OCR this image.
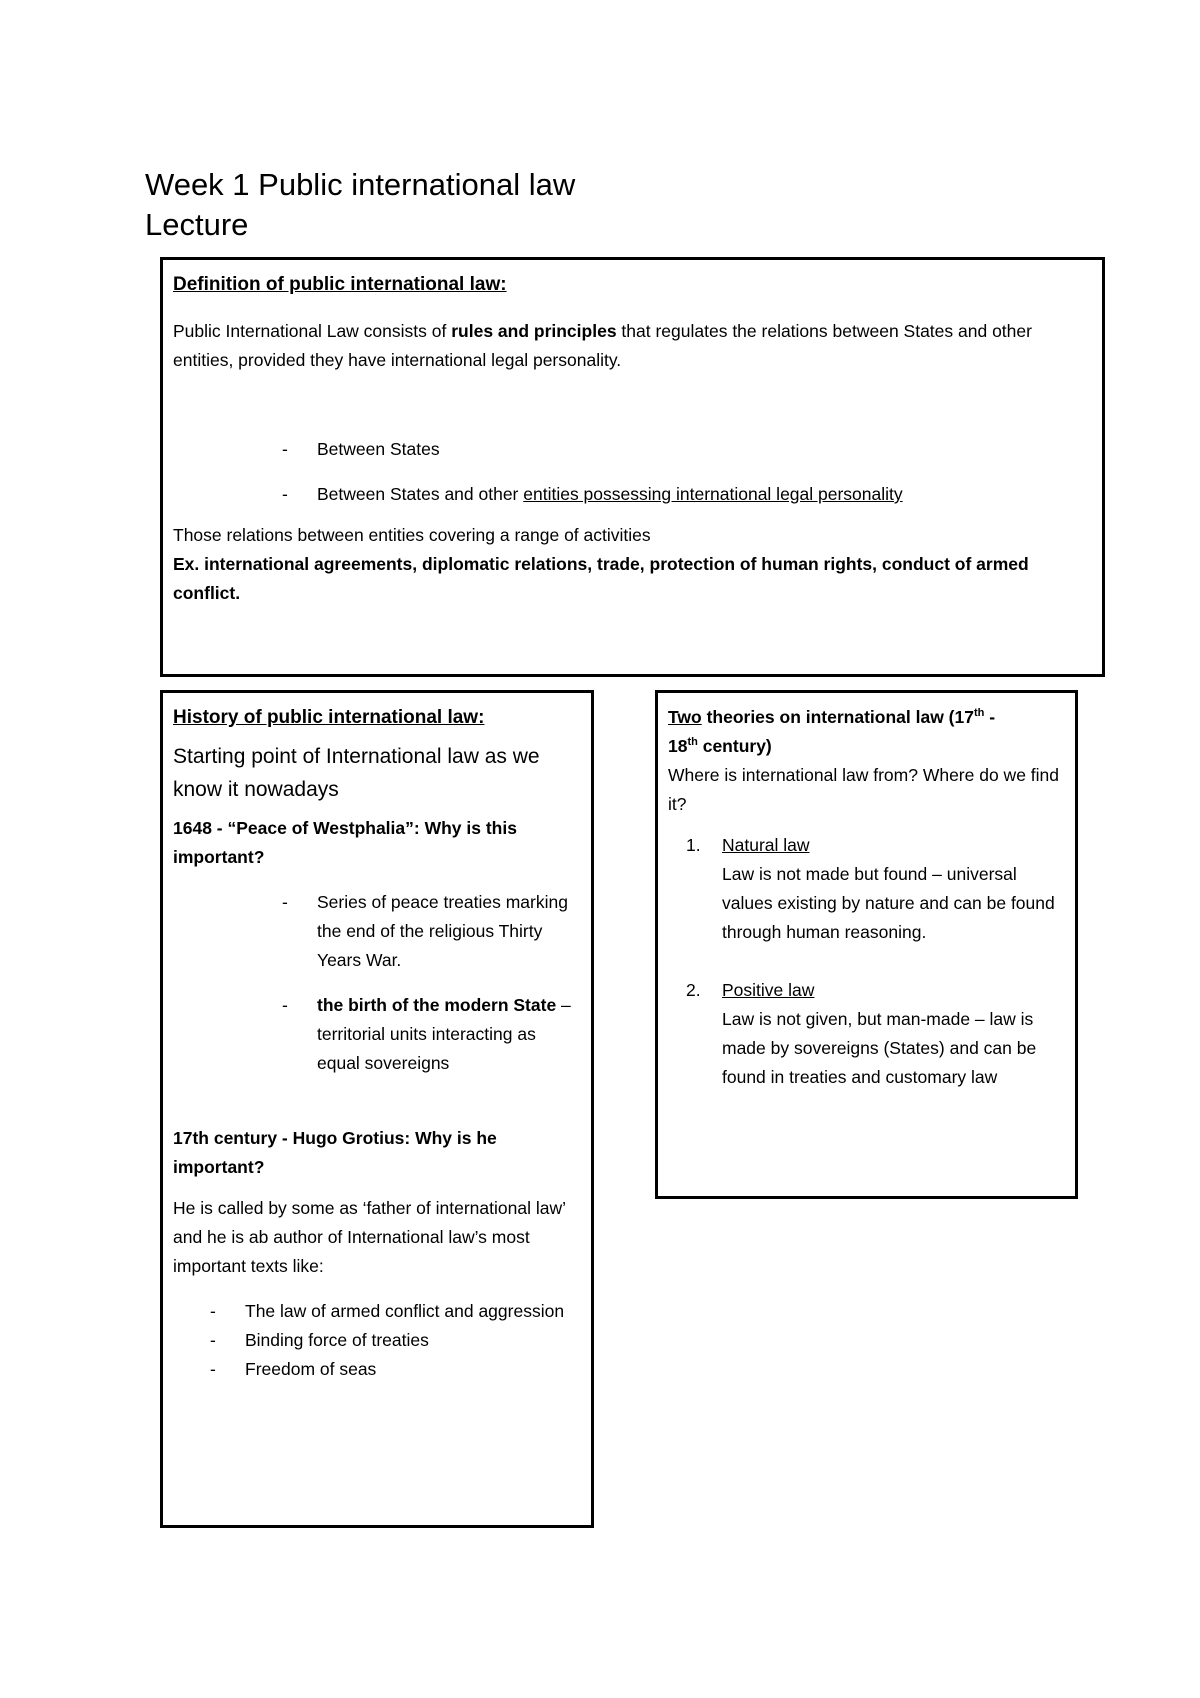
Week 1 Public international law
Lecture

Definition of public international law:

Public International Law consists of rules and principles that regulates the relations between States and other entities, provided they have international legal personality.

- Between States
- Between States and other entities possessing international legal personality

Those relations between entities covering a range of activities

Ex. international agreements, diplomatic relations, trade, protection of human rights, conduct of armed conflict.

History of public international law:

Starting point of International law as we know it nowadays

1648 - “Peace of Westphalia”: Why is this important?

- Series of peace treaties marking the end of the religious Thirty Years War.
- the birth of the modern State – territorial units interacting as equal sovereigns

17th century - Hugo Grotius: Why is he important?

He is called by some as ‘father of international law’ and he is ab author of International law’s most important texts like:

- The law of armed conflict and aggression
- Binding force of treaties
- Freedom of seas

Two theories on international law (17th -
18th century)

Where is international law from? Where do we find it?

1. Natural law
Law is not made but found – universal values existing by nature and can be found through human reasoning.
2. Positive law
Law is not given, but man-made – law is made by sovereigns (States) and can be found in treaties and customary law
